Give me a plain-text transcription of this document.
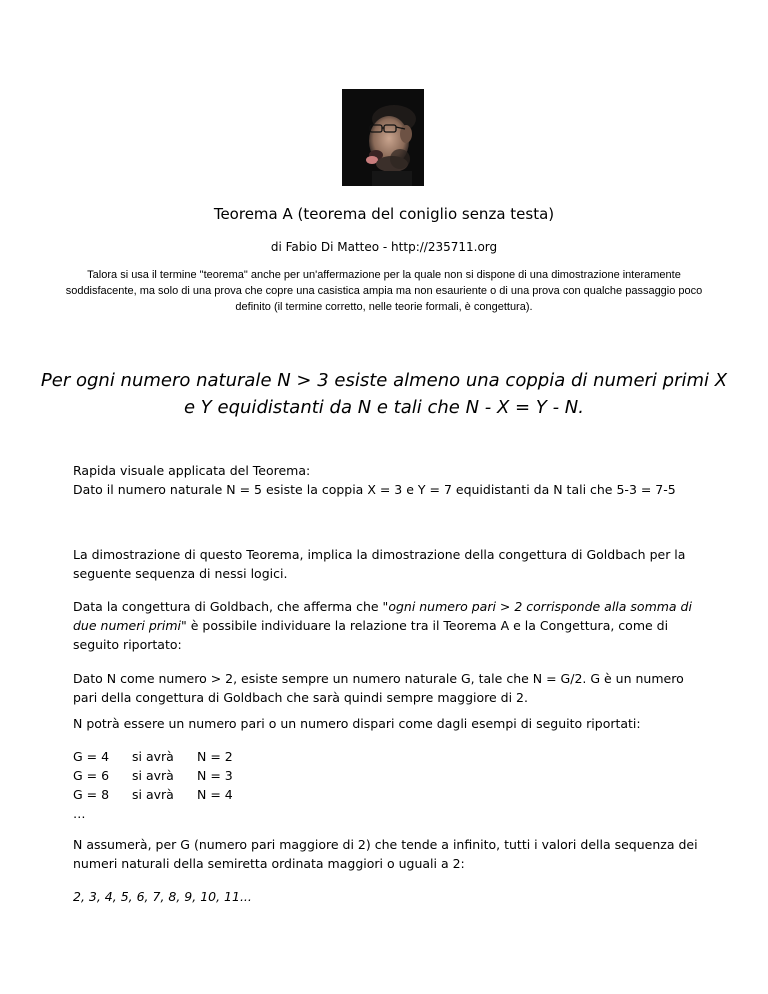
Teorema A (teorema del coniglio senza testa)

di Fabio Di Matteo - http://235711.org

Talora si usa il termine "teorema" anche per un'affermazione per la quale non si dispone di una dimostrazione interamente soddisfacente, ma solo di una prova che copre una casistica ampia ma non esauriente o di una prova con qualche passaggio poco definito (il termine corretto, nelle teorie formali, è congettura).

Per ogni numero naturale N > 3 esiste almeno una coppia di numeri primi X e Y equidistanti da N e tali che N - X = Y - N.

Rapida visuale applicata del Teorema:
Dato il numero naturale N = 5 esiste la coppia X = 3 e Y = 7 equidistanti da N tali che 5-3 = 7-5

La dimostrazione di questo Teorema, implica la dimostrazione della congettura di Goldbach per la seguente sequenza di nessi logici.

Data la congettura di Goldbach, che afferma che "ogni numero pari > 2 corrisponde alla somma di due numeri primi" è possibile individuare la relazione tra il Teorema A e la Congettura, come di seguito riportato:

Dato N come numero > 2, esiste sempre un numero naturale G, tale che N = G/2. G è un numero pari della congettura di Goldbach che sarà quindi sempre maggiore di 2.

N potrà essere un numero pari o un numero dispari come dagli esempi di seguito riportati:

G = 4 si avrà N = 2
G = 6 si avrà N = 3
G = 8 si avrà N = 4
…

N assumerà, per G (numero pari maggiore di 2) che tende a infinito, tutti i valori della sequenza dei numeri naturali della semiretta ordinata maggiori o uguali a 2:

2, 3, 4, 5, 6, 7, 8, 9, 10, 11...
